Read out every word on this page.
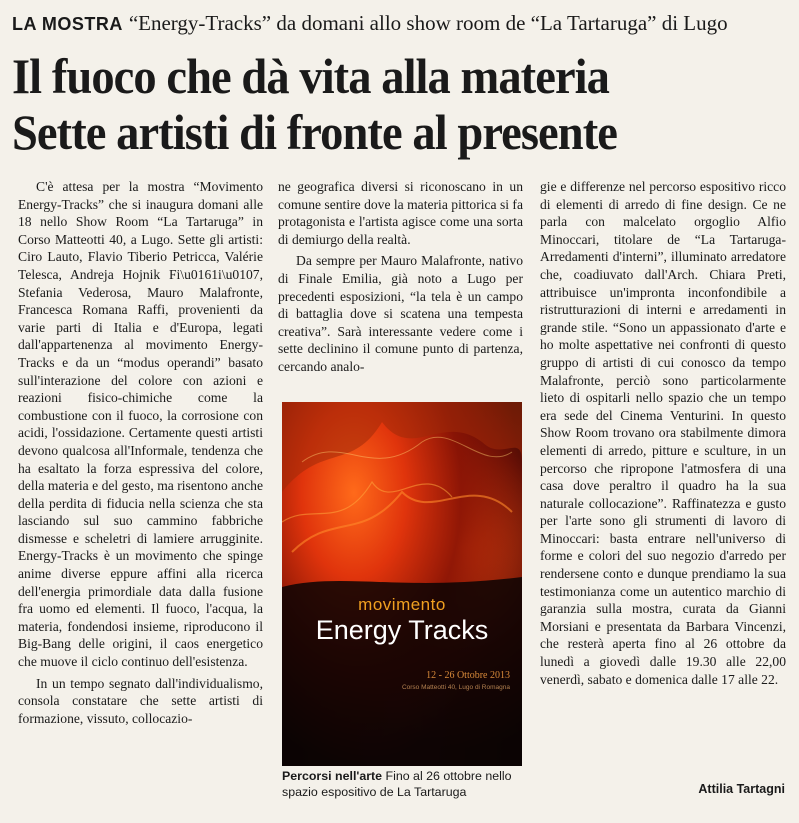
LA MOSTRA “Energy-Tracks” da domani allo show room de “La Tartaruga” di Lugo
Il fuoco che dà vita alla materia
Sette artisti di fronte al presente

C'è attesa per la mostra “Movimento Energy-Tracks” che si inaugura domani alle 18 nello Show Room “La Tartaruga” in Corso Matteotti 40, a Lugo. Sette gli artisti: Ciro Lauto, Flavio Tiberio Petricca, Valérie Telesca, Andreja Hojnik Fi\u0161i\u0107, Stefania Vederosa, Mauro Malafronte, Francesca Romana Raffi, provenienti da varie parti di Italia e d'Europa, legati dall'appartenenza al movimento Energy-Tracks e da un “modus operandi” basato sull'interazione del colore con azioni e reazioni fisico-chimiche come la combustione con il fuoco, la corrosione con acidi, l'ossidazione. Certamente questi artisti devono qualcosa all'Informale, tendenza che ha esaltato la forza espressiva del colore, della materia e del gesto, ma risentono anche della perdita di fiducia nella scienza che sta lasciando sul suo cammino fabbriche dismesse e scheletri di lamiere arrugginite. Energy-Tracks è un movimento che spinge anime diverse eppure affini alla ricerca dell'energia primordiale data dalla fusione fra uomo ed elementi. Il fuoco, l'acqua, la materia, fondendosi insieme, riproducono il Big-Bang delle origini, il caos energetico che muove il ciclo continuo dell'esistenza.

In un tempo segnato dall'individualismo, consola constatare che sette artisti di formazione, vissuto, collocazio-

ne geografica diversi si riconoscano in un comune sentire dove la materia pittorica si fa protagonista e l'artista agisce come una sorta di demiurgo della realtà.

Da sempre per Mauro Malafronte, nativo di Finale Emilia, già noto a Lugo per precedenti esposizioni, “la tela è un campo di battaglia dove si scatena una tempesta creativa”. Sarà interessante vedere come i sette declinino il comune punto di partenza, cercando analo-

gie e differenze nel percorso espositivo ricco di elementi di arredo di fine design. Ce ne parla con malcelato orgoglio Alfio Minoccari, titolare de “La Tartaruga- Arredamenti d'interni”, illuminato arredatore che, coadiuvato dall'Arch. Chiara Preti, attribuisce un'impronta inconfondibile a ristrutturazioni di interni e arredamenti in grande stile. “Sono un appassionato d'arte e ho molte aspettative nei confronti di questo gruppo di artisti di cui conosco da tempo Malafronte, perciò sono particolarmente lieto di ospitarli nello spazio che un tempo era sede del Cinema Venturini. In questo Show Room trovano ora stabilmente dimora elementi di arredo, pitture e sculture, in un percorso che ripropone l'atmosfera di una casa dove peraltro il quadro ha la sua naturale collocazione”. Raffinatezza e gusto per l'arte sono gli strumenti di lavoro di Minoccari: basta entrare nell'universo di forme e colori del suo negozio d'arredo per rendersene conto e dunque prendiamo la sua testimonianza come un autentico marchio di garanzia sulla mostra, curata da Gianni Morsiani e presentata da Barbara Vincenzi, che resterà aperta fino al 26 ottobre da lunedì a giovedì dalle 19.30 alle 22,00 venerdì, sabato e domenica dalle 17 alle 22.

movimento
Energy Tracks
12 - 26 Ottobre 2013
Corso Matteotti 40, Lugo di Romagna
Percorsi nell'arte Fino al 26 ottobre nello spazio espositivo de La Tartaruga	Attilia Tartagni
